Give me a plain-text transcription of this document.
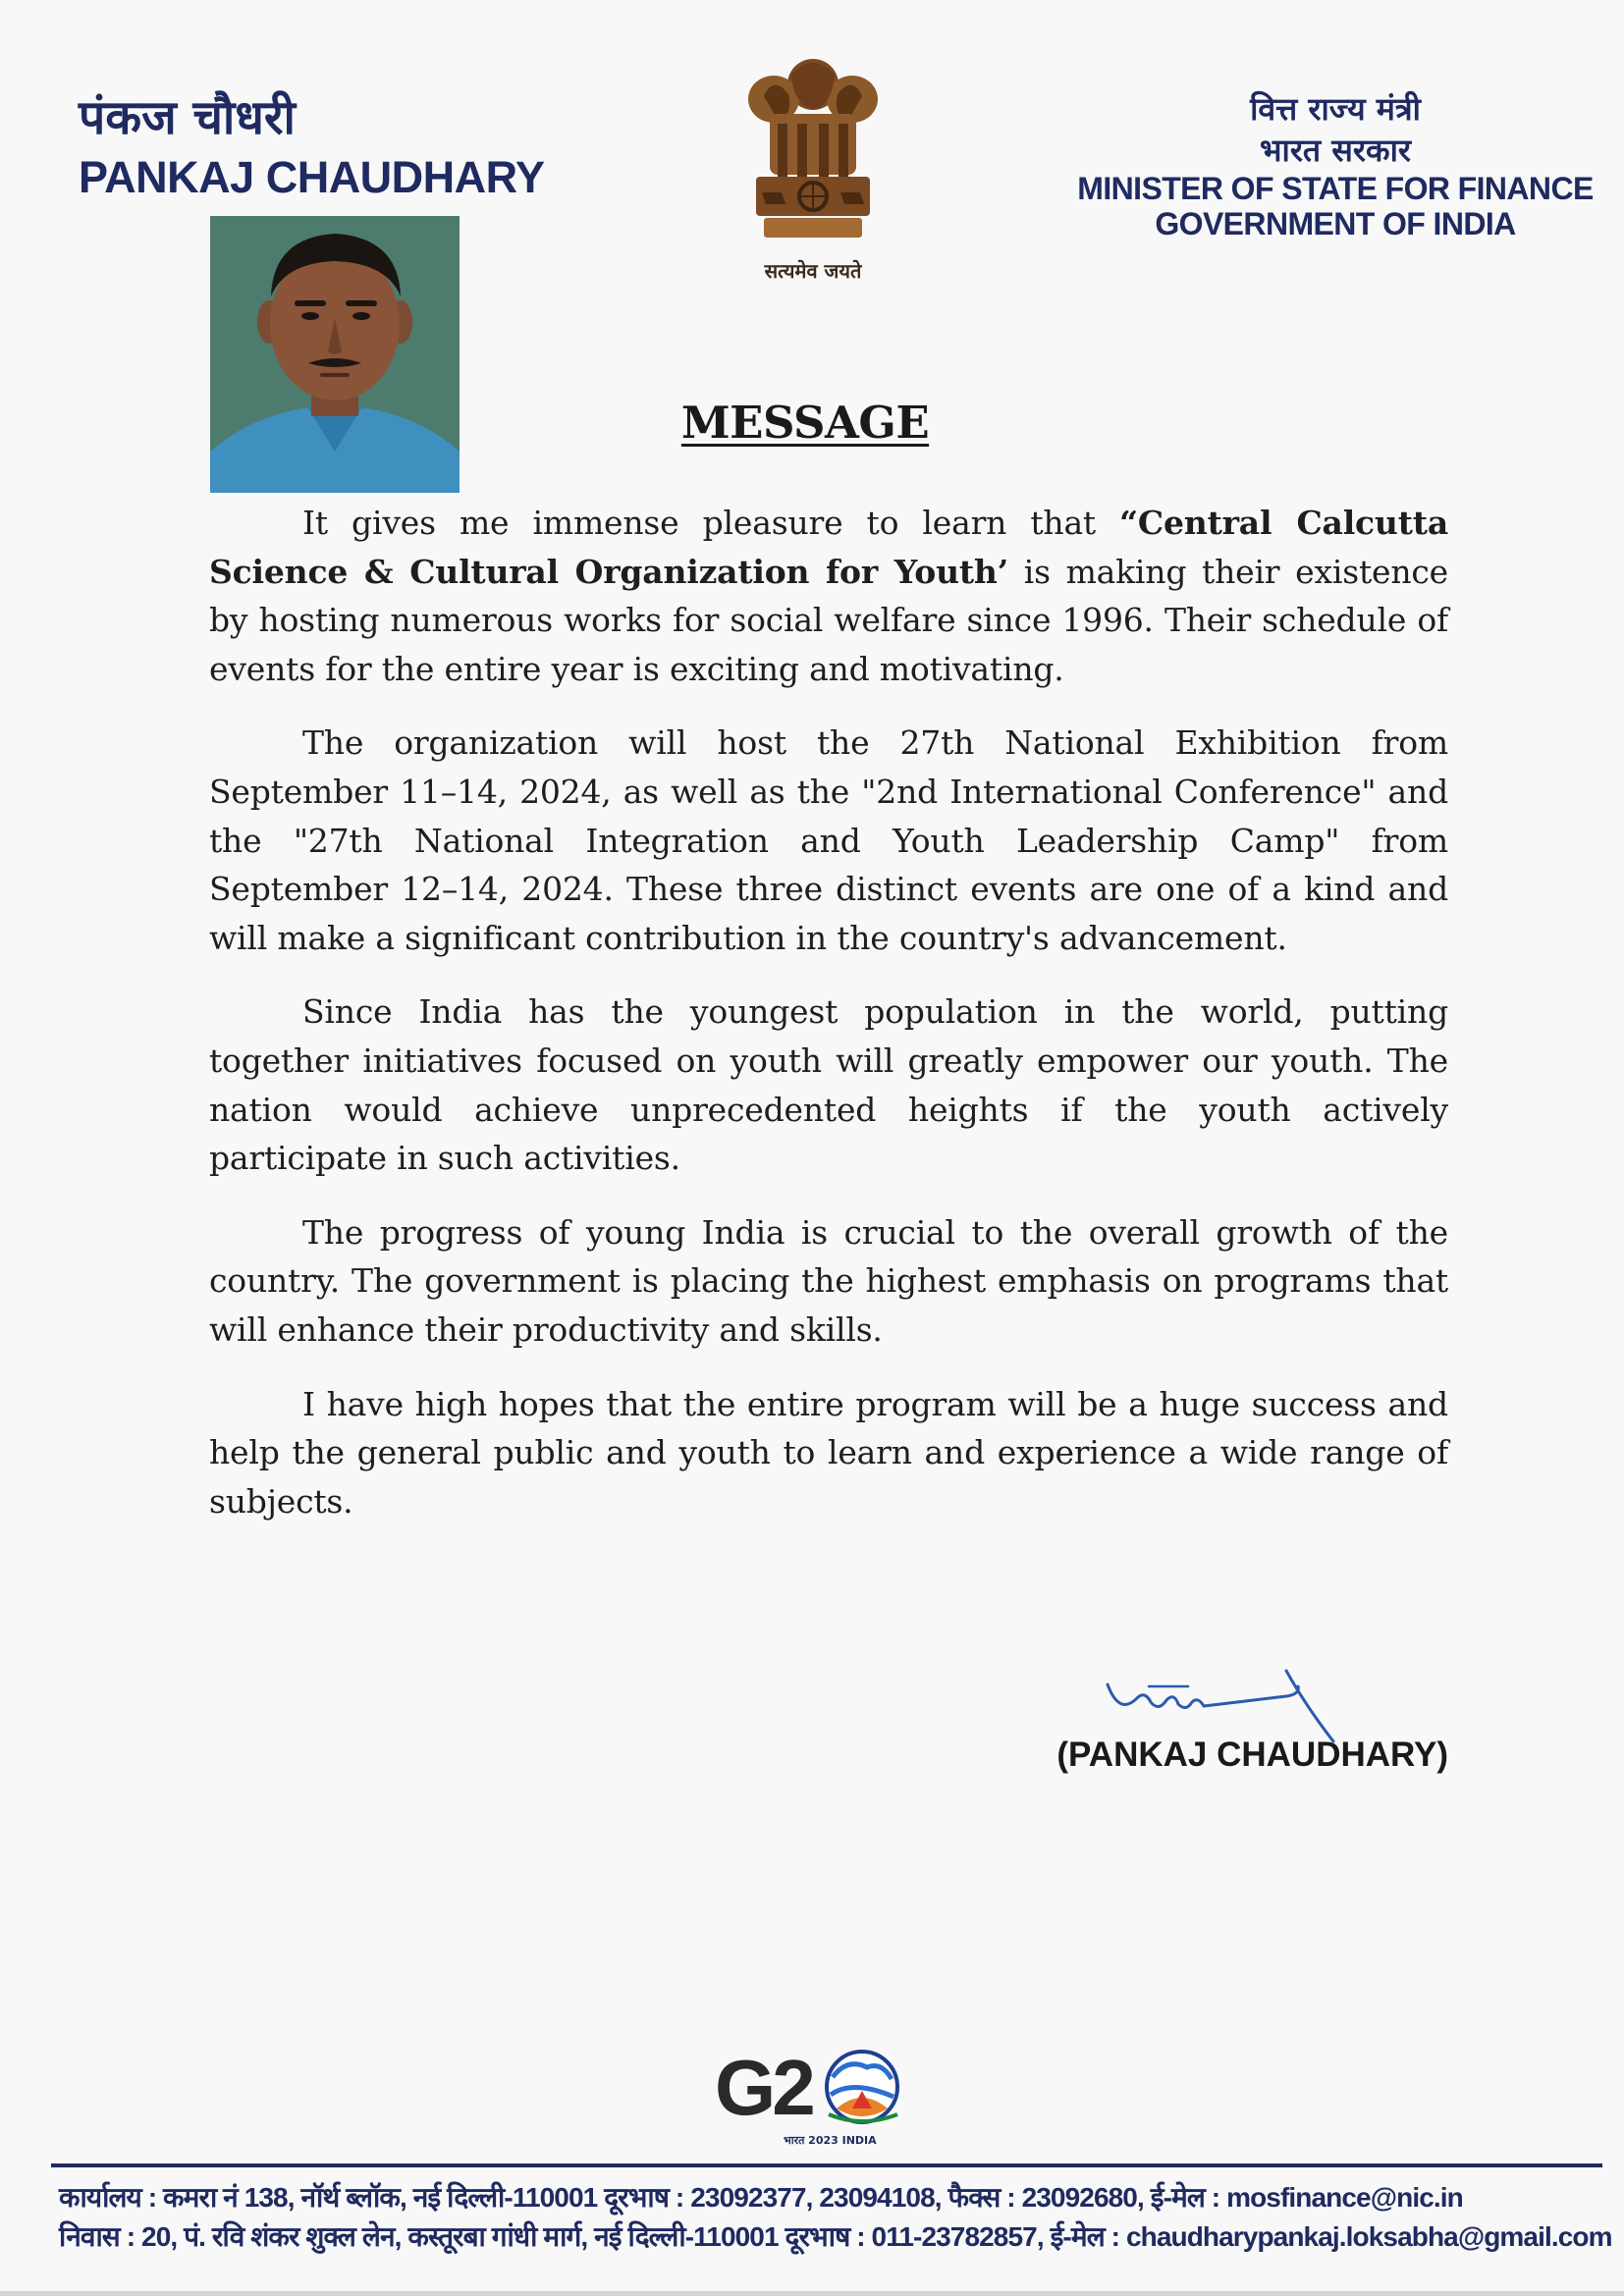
पंकज चौधरी
PANKAJ CHAUDHARY
सत्यमेव जयते
वित्त राज्य मंत्री
भारत सरकार
MINISTER OF STATE FOR FINANCE
GOVERNMENT OF INDIA
MESSAGE

It gives me immense pleasure to learn that “Central Calcutta Science & Cultural Organization for Youth’ is making their existence by hosting numerous works for social welfare since 1996. Their schedule of events for the entire year is exciting and motivating.

The organization will host the 27th National Exhibition from September 11–14, 2024, as well as the "2nd International Conference" and the "27th National Integration and Youth Leadership Camp" from September 12–14, 2024. These three distinct events are one of a kind and will make a significant contribution in the country's advancement.

Since India has the youngest population in the world, putting together initiatives focused on youth will greatly empower our youth. The nation would achieve unprecedented heights if the youth actively participate in such activities.

The progress of young India is crucial to the overall growth of the country. The government is placing the highest emphasis on programs that will enhance their productivity and skills.

I have high hopes that the entire program will be a huge success and help the general public and youth to learn and experience a wide range of subjects.

(PANKAJ CHAUDHARY)
G2
भारत 2023 INDIA
कार्यालय : कमरा नं 138, नॉर्थ ब्लॉक, नई दिल्ली-110001 दूरभाष : 23092377, 23094108, फैक्स : 23092680, ई-मेल : mosfinance@nic.in
निवास : 20, पं. रवि शंकर शुक्ल लेन, कस्तूरबा गांधी मार्ग, नई दिल्ली-110001 दूरभाष : 011-23782857, ई-मेल : chaudharypankaj.loksabha@gmail.com
